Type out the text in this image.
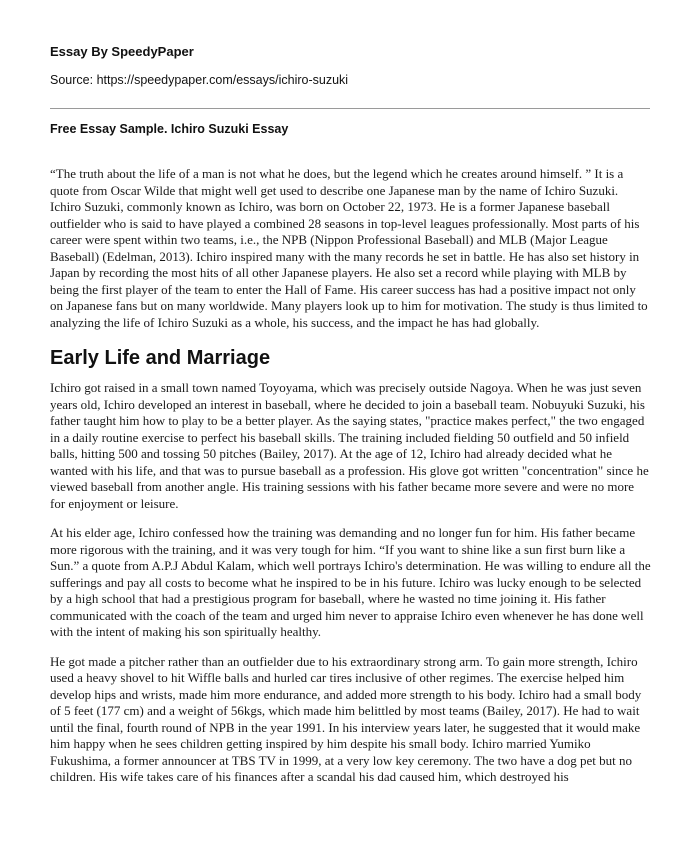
Essay By SpeedyPaper
Source: https://speedypaper.com/essays/ichiro-suzuki
Free Essay Sample. Ichiro Suzuki Essay

“The truth about the life of a man is not what he does, but the legend which he creates around himself. ” It is a quote from Oscar Wilde that might well get used to describe one Japanese man by the name of Ichiro Suzuki. Ichiro Suzuki, commonly known as Ichiro, was born on October 22, 1973. He is a former Japanese baseball outfielder who is said to have played a combined 28 seasons in top-level leagues professionally. Most parts of his career were spent within two teams, i.e., the NPB (Nippon Professional Baseball) and MLB (Major League Baseball) (Edelman, 2013). Ichiro inspired many with the many records he set in battle. He has also set history in Japan by recording the most hits of all other Japanese players. He also set a record while playing with MLB by being the first player of the team to enter the Hall of Fame. His career success has had a positive impact not only on Japanese fans but on many worldwide. Many players look up to him for motivation. The study is thus limited to analyzing the life of Ichiro Suzuki as a whole, his success, and the impact he has had globally.

Early Life and Marriage

Ichiro got raised in a small town named Toyoyama, which was precisely outside Nagoya. When he was just seven years old, Ichiro developed an interest in baseball, where he decided to join a baseball team. Nobuyuki Suzuki, his father taught him how to play to be a better player. As the saying states, "practice makes perfect," the two engaged in a daily routine exercise to perfect his baseball skills. The training included fielding 50 outfield and 50 infield balls, hitting 500 and tossing 50 pitches (Bailey, 2017). At the age of 12, Ichiro had already decided what he wanted with his life, and that was to pursue baseball as a profession. His glove got written "concentration" since he viewed baseball from another angle. His training sessions with his father became more severe and were no more for enjoyment or leisure.

At his elder age, Ichiro confessed how the training was demanding and no longer fun for him. His father became more rigorous with the training, and it was very tough for him. “If you want to shine like a sun first burn like a Sun.” a quote from A.P.J Abdul Kalam, which well portrays Ichiro's determination. He was willing to endure all the sufferings and pay all costs to become what he inspired to be in his future. Ichiro was lucky enough to be selected by a high school that had a prestigious program for baseball, where he wasted no time joining it. His father communicated with the coach of the team and urged him never to appraise Ichiro even whenever he has done well with the intent of making his son spiritually healthy.

He got made a pitcher rather than an outfielder due to his extraordinary strong arm. To gain more strength, Ichiro used a heavy shovel to hit Wiffle balls and hurled car tires inclusive of other regimes. The exercise helped him develop hips and wrists, made him more endurance, and added more strength to his body. Ichiro had a small body of 5 feet (177 cm) and a weight of 56kgs, which made him belittled by most teams (Bailey, 2017). He had to wait until the final, fourth round of NPB in the year 1991. In his interview years later, he suggested that it would make him happy when he sees children getting inspired by him despite his small body. Ichiro married Yumiko Fukushima, a former announcer at TBS TV in 1999, at a very low key ceremony. The two have a dog pet but no children. His wife takes care of his finances after a scandal his dad caused him, which destroyed his
